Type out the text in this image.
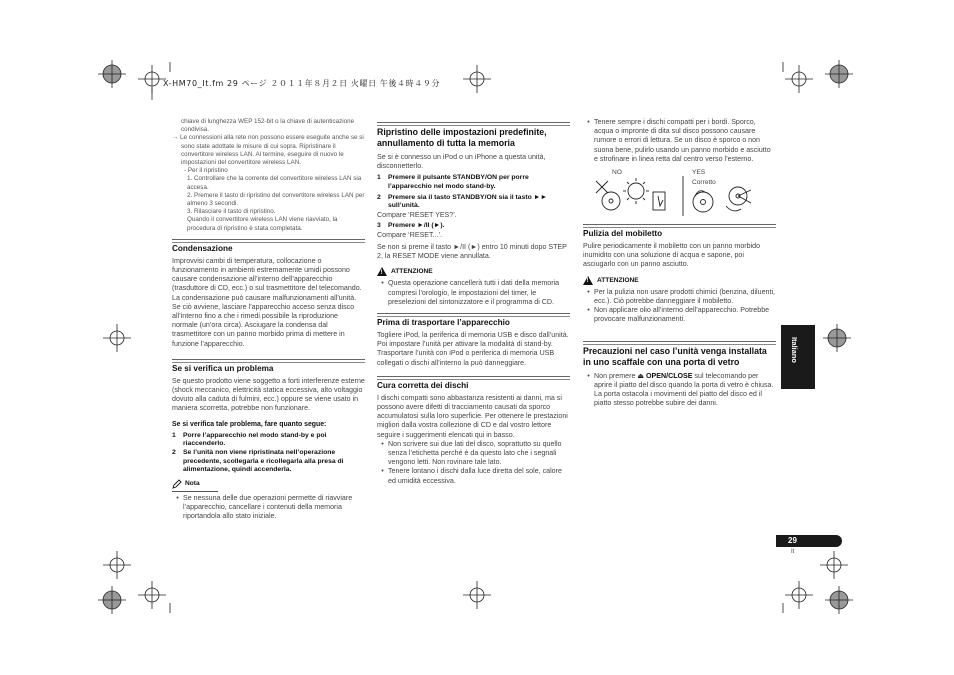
X-HM70_It.fm 29 ページ ２０１１年８月２日 火曜日 午後４時４９分

chiave di lunghezza WEP 152-bit o la chiave di autenticazione

condivisa.

→ Le connessioni alla rete non possono essere eseguite anche se si sono state adottate le misure di cui sopra. Ripristinare il convertitore wireless LAN. Al termine, eseguire di nuovo le impostazioni del convertitore wireless LAN.

- Per il ripristino

1. Controllare che la corrente del convertitore wireless LAN sia accesa.

2. Premere il tasto di ripristino del convertitore wireless LAN per almeno 3 secondi.

3. Rilasciare il tasto di ripristino.

Quando il convertitore wireless LAN viene riavviato, la procedura di ripristino è stata completata.

Condensazione

Improvvisi cambi di temperatura, collocazione o funzionamento in ambienti estremamente umidi possono causare condensazione all’interno dell’apparecchio (trasduttore di CD, ecc.) o sul trasmettitore del telecomando. La condensazione può causare malfunzionamenti all’unità. Se ciò avviene, lasciare l’apparecchio acceso senza disco all’interno fino a che i rimedi possibile la riproduzione normale (un’ora circa). Asciugare la condensa dal trasmettitore con un panno morbido prima di mettere in funzione l’apparecchio.

Se si verifica un problema

Se questo prodotto viene soggetto a forti interferenze esterne (shock meccanico, elettricità statica eccessiva, alto voltaggio dovuto alla caduta di fulmini, ecc.) oppure se viene usato in maniera scorretta, potrebbe non funzionare.

Se si verifica tale problema, fare quanto segue:

1	Porre l’apparecchio nel modo stand-by e poi riaccenderlo.
2	Se l’unità non viene ripristinata nell’operazione precedente, scollegarla e ricollegarla alla presa di alimentazione, quindi accenderla.
Nota
• Se nessuna delle due operazioni permette di riavviare l’apparecchio, cancellare i contenuti della memoria riportandola allo stato iniziale.
Ripristino delle impostazioni predefinite, annullamento di tutta la memoria

Se si è connesso un iPod o un iPhone a questa unità, disconnetterlo.

1	Premere il pulsante STANDBY/ON per porre l’apparecchio nel modo stand-by.
2	Premere sia il tasto STANDBY/ON sia il tasto ►► sull’unità.

Compare ‘RESET YES?’.

3	Premere ►/II (►).

Compare ‘RESET...’.

Se non si preme il tasto ►/II (►) entro 10 minuti dopo STEP 2, la RESET MODE viene annullata.

! ATTENZIONE
• Questa operazione cancellerà tutti i dati della memoria compresi l’orologio, le impostazioni del timer, le preselezioni del sintonizzatore e il programma di CD.
Prima di trasportare l’apparecchio

Togliere iPod, la periferica di memoria USB e disco dall’unità. Poi impostare l’unità per attivare la modalità di stand-by. Trasportare l’unità con iPod o periferica di memoria USB collegati o dischi all’interno la può danneggiare.

Cura corretta dei dischi

I dischi compatti sono abbastanza resistenti ai danni, ma si possono avere difetti di tracciamento causati da sporco accumulatosi sulla loro superficie. Per ottenere le prestazioni migliori dalla vostra collezione di CD e dal vostro lettore seguire i suggerimenti elencati qui in basso.

• Non scrivere sui due lati del disco, soprattutto su quello senza l’etichetta perché è da questo lato che i segnali vengono letti. Non rovinare tale lato.
• Tenere lontano i dischi dalla luce diretta del sole, calore ed umidità eccessiva.
• Tenere sempre i dischi compatti per i bordi. Sporco, acqua o impronte di dita sul disco possono causare rumore o errori di lettura. Se un disco è sporco o non suona bene, pulirlo usando un panno morbido e asciutto e strofinare in linea retta dal centro verso l’esterno.
NO	YES
Corretto
Pulizia del mobiletto

Pulire periodicamente il mobiletto con un panno morbido inumidito con una soluzione di acqua e sapone, poi asciugarlo con un panno asciutto.

! ATTENZIONE
• Per la pulizia non usare prodotti chimici (benzina, diluenti, ecc.). Ciò potrebbe danneggiare il mobiletto.
• Non applicare olio all’interno dell’apparecchio. Potrebbe provocare malfunzionamenti.
Precauzioni nel caso l’unità venga installata in uno scaffale con una porta di vetro
• Non premere ⏏ OPEN/CLOSE sul telecomando per aprire il piatto del disco quando la porta di vetro è chiusa. La porta ostacola i movimenti del piatto del disco ed il piatto stesso potrebbe subire dei danni.
Italiano
29
It
